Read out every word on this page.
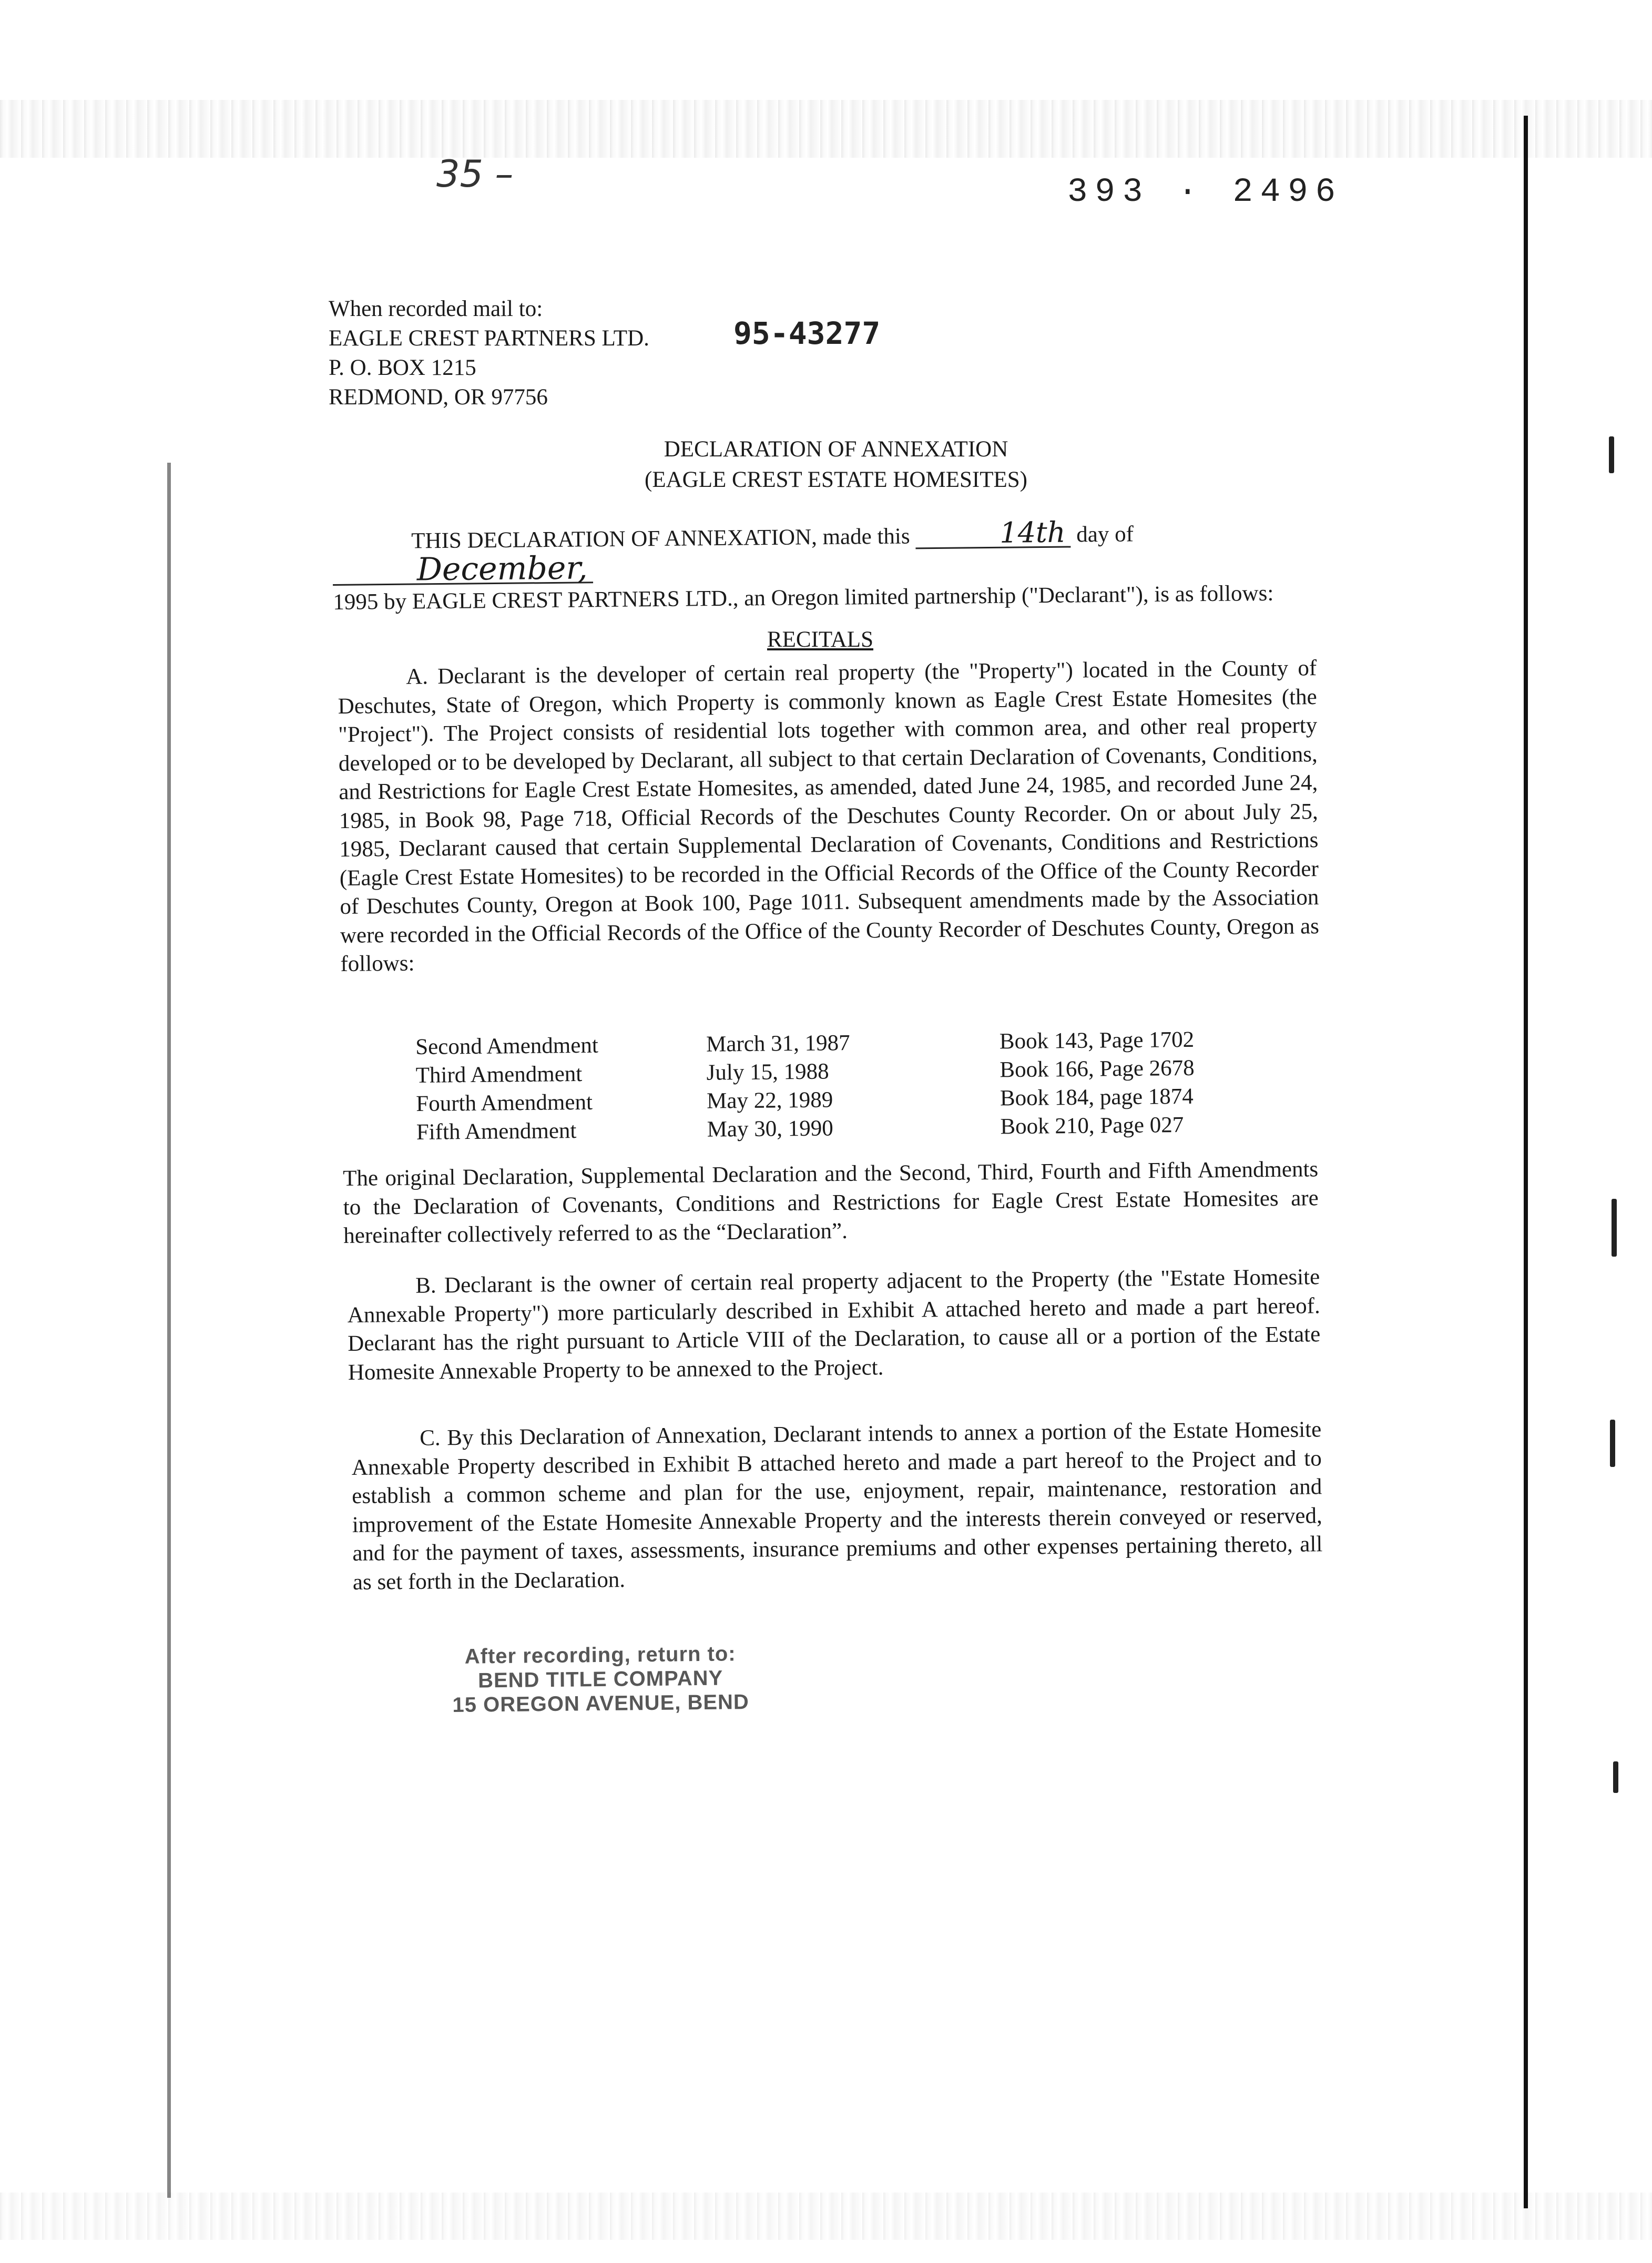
35 –	393 · 2496
When recorded mail to:
EAGLE CREST PARTNERS LTD.
P. O. BOX 1215
REDMOND, OR 97756
95-43277
DECLARATION OF ANNEXATION
(EAGLE CREST ESTATE HOMESITES)
THIS DECLARATION OF ANNEXATION, made this	14th day of December,
1995 by EAGLE CREST PARTNERS LTD., an Oregon limited partnership ("Declarant"), is as follows:
RECITALS
A. Declarant is the developer of certain real property (the "Property") located in the County of Deschutes, State of Oregon, which Property is commonly known as Eagle Crest Estate Homesites (the "Project"). The Project consists of residential lots together with common area, and other real property developed or to be developed by Declarant, all subject to that certain Declaration of Covenants, Conditions, and Restrictions for Eagle Crest Estate Homesites, as amended, dated June 24, 1985, and recorded June 24, 1985, in Book 98, Page 718, Official Records of the Deschutes County Recorder. On or about July 25, 1985, Declarant caused that certain Supplemental Declaration of Covenants, Conditions and Restrictions (Eagle Crest Estate Homesites) to be recorded in the Official Records of the Office of the County Recorder of Deschutes County, Oregon at Book 100, Page 1011. Subsequent amendments made by the Association were recorded in the Official Records of the Office of the County Recorder of Deschutes County, Oregon as follows:
Second Amendment	March 31, 1987	Book 143, Page 1702
Third Amendment	July 15, 1988	Book 166, Page 2678
Fourth Amendment	May 22, 1989	Book 184, page 1874
Fifth Amendment	May 30, 1990	Book 210, Page 027
The original Declaration, Supplemental Declaration and the Second, Third, Fourth and Fifth Amendments to the Declaration of Covenants, Conditions and Restrictions for Eagle Crest Estate Homesites are hereinafter collectively referred to as the “Declaration”.
B. Declarant is the owner of certain real property adjacent to the Property (the "Estate Homesite Annexable Property") more particularly described in Exhibit A attached hereto and made a part hereof. Declarant has the right pursuant to Article VIII of the Declaration, to cause all or a portion of the Estate Homesite Annexable Property to be annexed to the Project.
C. By this Declaration of Annexation, Declarant intends to annex a portion of the Estate Homesite Annexable Property described in Exhibit B attached hereto and made a part hereof to the Project and to establish a common scheme and plan for the use, enjoyment, repair, maintenance, restoration and improvement of the Estate Homesite Annexable Property and the interests therein conveyed or reserved, and for the payment of taxes, assessments, insurance premiums and other expenses pertaining thereto, all as set forth in the Declaration.
After recording, return to:
BEND TITLE COMPANY
15 OREGON AVENUE, BEND
